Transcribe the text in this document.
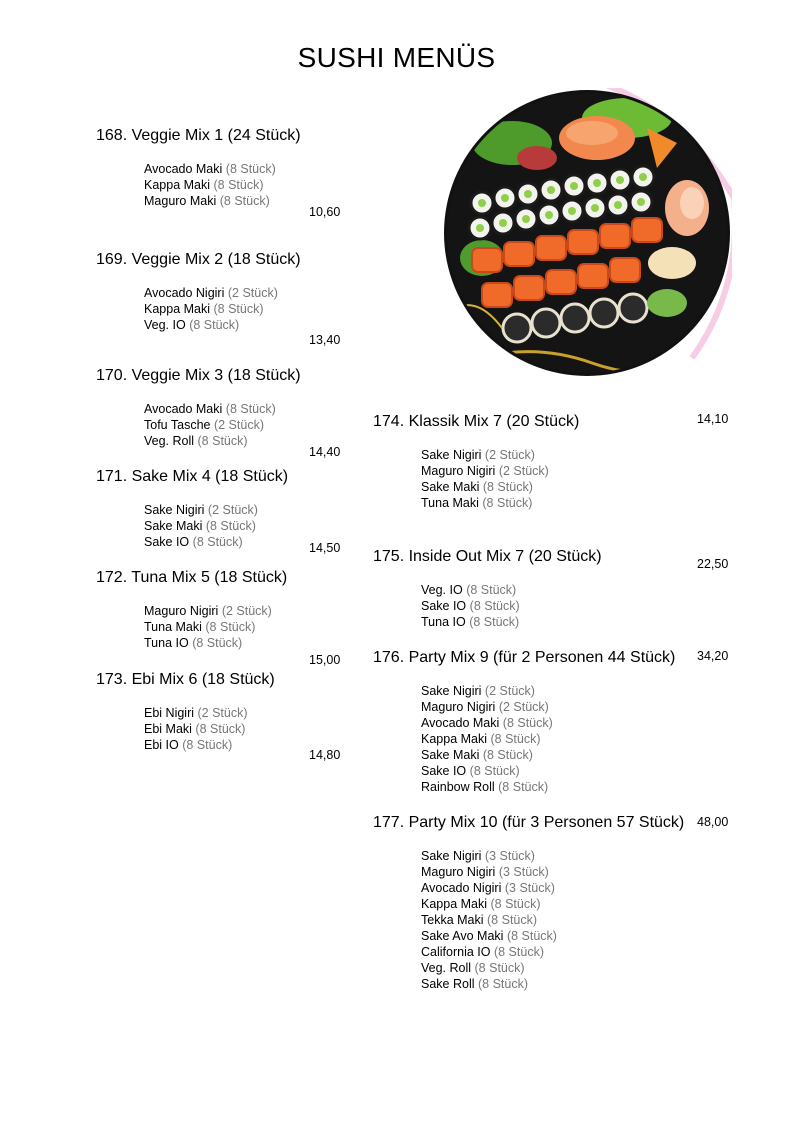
SUSHI MENÜS
168. Veggie Mix 1 (24 Stück)
Avocado Maki (8 Stück)
Kappa Maki (8 Stück)
Maguro Maki (8 Stück)
10,60
169. Veggie Mix 2 (18 Stück)
Avocado Nigiri (2 Stück)
Kappa Maki (8 Stück)
Veg. IO (8 Stück)
13,40
170. Veggie Mix 3 (18 Stück)
Avocado Maki (8 Stück)
Tofu Tasche (2 Stück)
Veg. Roll (8 Stück)
14,40
171. Sake Mix 4 (18 Stück)
Sake Nigiri (2 Stück)
Sake Maki (8 Stück)
Sake IO (8 Stück)	14,50
172. Tuna Mix 5 (18 Stück)
Maguro Nigiri (2 Stück)
Tuna Maki (8 Stück)
Tuna IO (8 Stück)
15,00
173. Ebi Mix 6 (18 Stück)
Ebi Nigiri (2 Stück)
Ebi Maki (8 Stück)
Ebi IO (8 Stück)
14,80
174. Klassik Mix 7 (20 Stück)
Sake Nigiri (2 Stück)
Maguro Nigiri (2 Stück)
Sake Maki (8 Stück)
Tuna Maki (8 Stück)
14,10
175. Inside Out Mix 7 (20 Stück)
Veg. IO (8 Stück)
Sake IO (8 Stück)
Tuna IO (8 Stück)
22,50
176. Party Mix 9 (für 2 Personen 44 Stück)
Sake Nigiri (2 Stück)
Maguro Nigiri (2 Stück)
Avocado Maki (8 Stück)
Kappa Maki (8 Stück)
Sake Maki (8 Stück)
Sake IO (8 Stück)
Rainbow Roll (8 Stück)
34,20
177. Party Mix 10 (für 3 Personen 57 Stück)
Sake Nigiri (3 Stück)
Maguro Nigiri (3 Stück)
Avocado Nigiri (3 Stück)
Kappa Maki (8 Stück)
Tekka Maki (8 Stück)
Sake Avo Maki (8 Stück)
California IO (8 Stück)
Veg. Roll (8 Stück)
Sake Roll (8 Stück)
48,00
